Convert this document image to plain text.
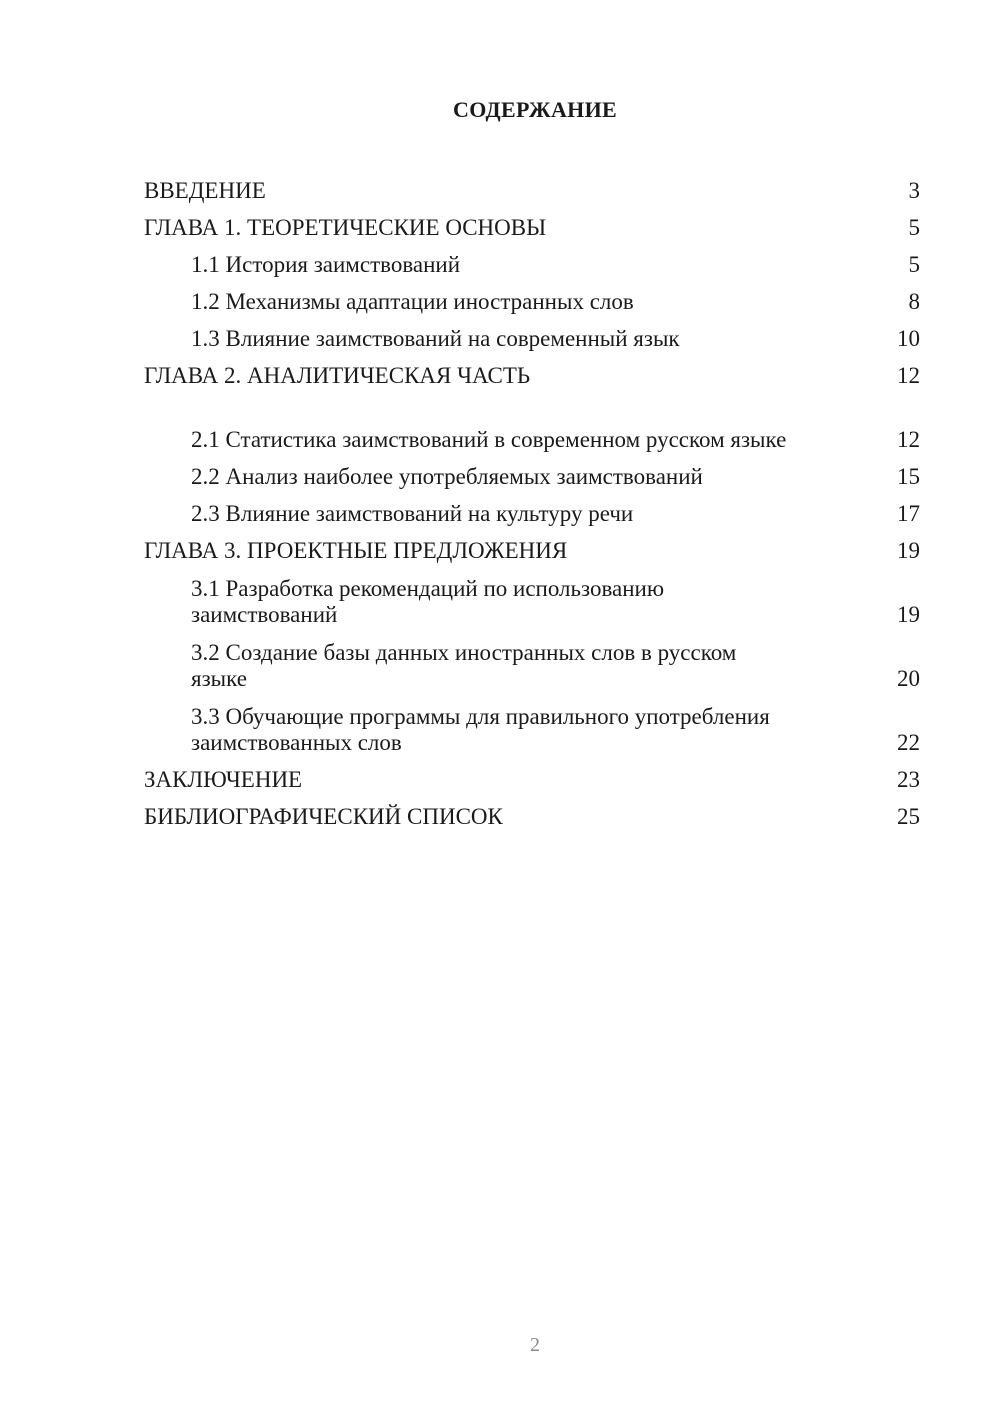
СОДЕРЖАНИЕ
ВВЕДЕНИЕ	3
ГЛАВА 1. ТЕОРЕТИЧЕСКИЕ ОСНОВЫ	5
1.1 История заимствований	5
1.2 Механизмы адаптации иностранных слов	8
1.3 Влияние заимствований на современный язык	10
ГЛАВА 2. АНАЛИТИЧЕСКАЯ ЧАСТЬ	12
2.1 Статистика заимствований в современном русском языке	12
2.2 Анализ наиболее употребляемых заимствований	15
2.3 Влияние заимствований на культуру речи	17
ГЛАВА 3. ПРОЕКТНЫЕ ПРЕДЛОЖЕНИЯ	19
3.1 Разработка рекомендаций по использованию заимствований	19
3.2 Создание базы данных иностранных слов в русском языке	20
3.3 Обучающие программы для правильного употребления заимствованных слов	22
ЗАКЛЮЧЕНИЕ	23
БИБЛИОГРАФИЧЕСКИЙ СПИСОК	25
2
